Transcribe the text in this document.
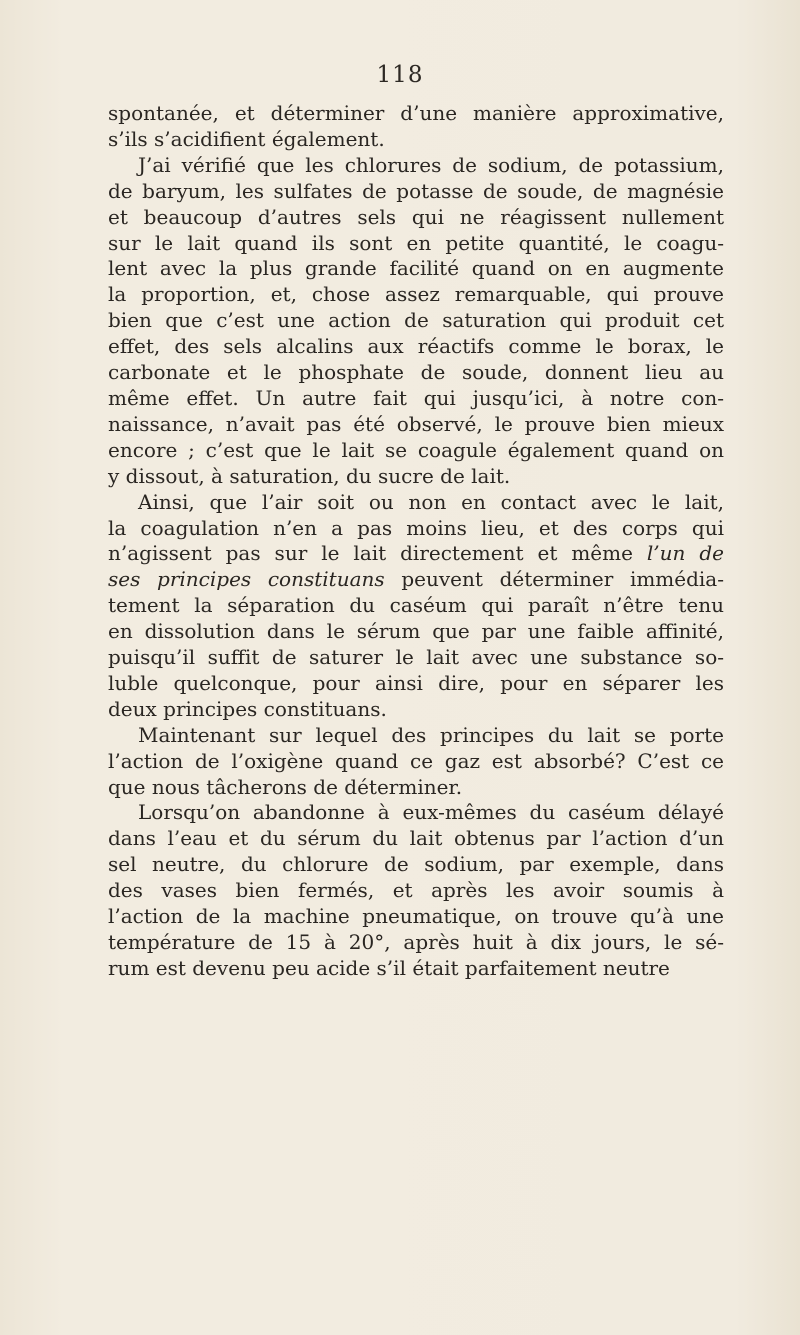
118

spontanée, et déterminer d’une manière approximative,
s’ils s’acidifient également.

J’ai vérifié que les chlorures de sodium, de potassium,
de baryum, les sulfates de potasse de soude, de magnésie
et beaucoup d’autres sels qui ne réagissent nullement
sur le lait quand ils sont en petite quantité, le coagu-
lent avec la plus grande facilité quand on en augmente
la proportion, et, chose assez remarquable, qui prouve
bien que c’est une action de saturation qui produit cet
effet, des sels alcalins aux réactifs comme le borax, le
carbonate et le phosphate de soude, donnent lieu au
même effet. Un autre fait qui jusqu’ici, à notre con-
naissance, n’avait pas été observé, le prouve bien mieux
encore ; c’est que le lait se coagule également quand on
y dissout, à saturation, du sucre de lait.

Ainsi, que l’air soit ou non en contact avec le lait,
la coagulation n’en a pas moins lieu, et des corps qui
n’agissent pas sur le lait directement et même l’un de
ses principes constituans peuvent déterminer immédia-
tement la séparation du caséum qui paraît n’être tenu
en dissolution dans le sérum que par une faible affinité,
puisqu’il suffit de saturer le lait avec une substance so-
luble quelconque, pour ainsi dire, pour en séparer les
deux principes constituans.

Maintenant sur lequel des principes du lait se porte
l’action de l’oxigène quand ce gaz est absorbé? C’est ce
que nous tâcherons de déterminer.

Lorsqu’on abandonne à eux-mêmes du caséum délayé
dans l’eau et du sérum du lait obtenus par l’action d’un
sel neutre, du chlorure de sodium, par exemple, dans
des vases bien fermés, et après les avoir soumis à
l’action de la machine pneumatique, on trouve qu’à une
température de 15 à 20°, après huit à dix jours, le sé-
rum est devenu peu acide s’il était parfaitement neutre
